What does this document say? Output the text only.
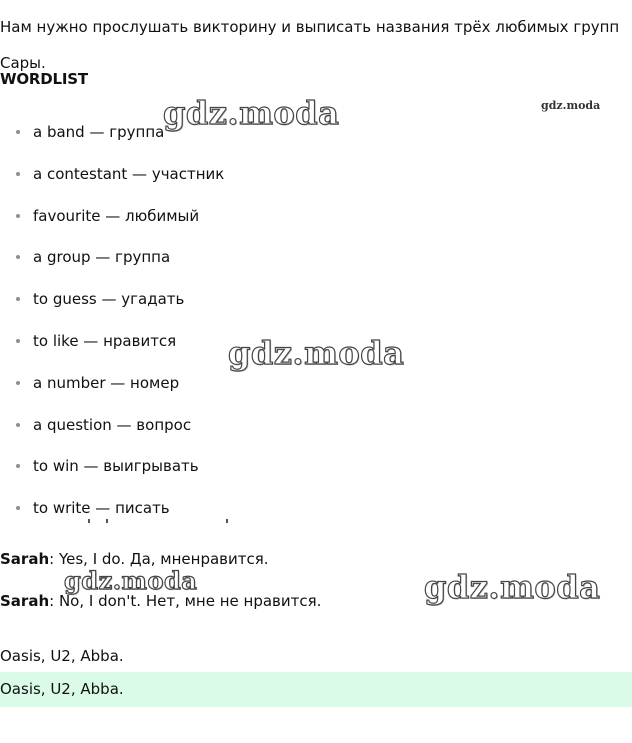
Нам нужно прослушать викторину и выписать названия трёх любимых групп Сары.
WORDLIST
a band — группа
a contestant — участник
favourite — любимый
a group — группа
to guess — угадать
to like — нравится
a number — номер
a question — вопрос
to win — выигрывать
to write — писать
Sarah: Yes, I do. Да, мненравится.
Sarah: No, I don't. Нет, мне не нравится.
Oasis, U2, Abba.
Oasis, U2, Abba.
gdz.moda	gdz.moda
gdz.moda
gdz.moda	gdz.moda
